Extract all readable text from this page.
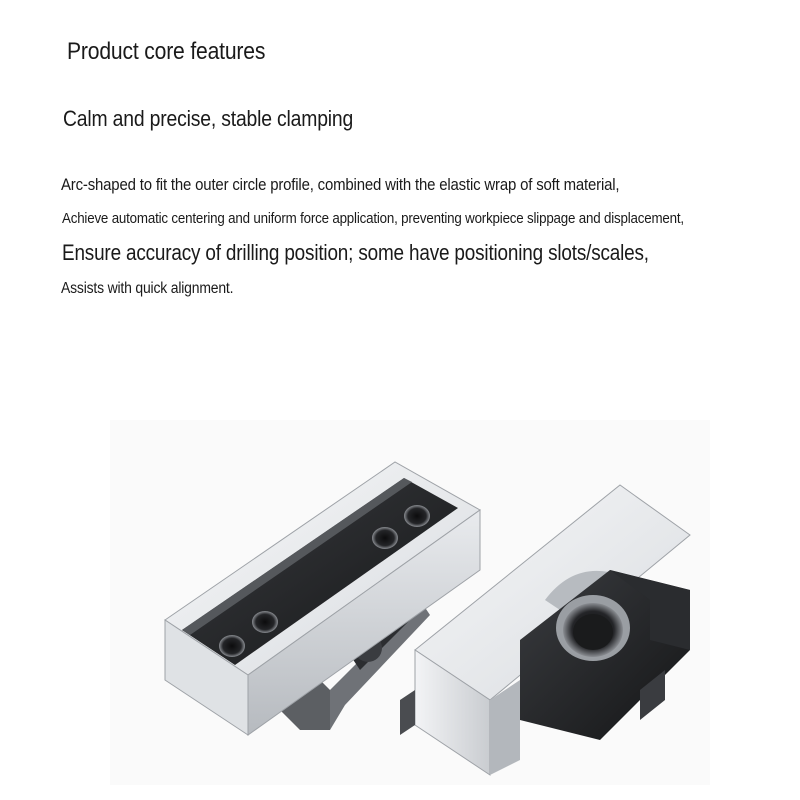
Product core features
Calm and precise, stable clamping
Arc-shaped to fit the outer circle profile, combined with the elastic wrap of soft material,
Achieve automatic centering and uniform force application, preventing workpiece slippage and displacement,
Ensure accuracy of drilling position; some have positioning slots/scales,
Assists with quick alignment.
